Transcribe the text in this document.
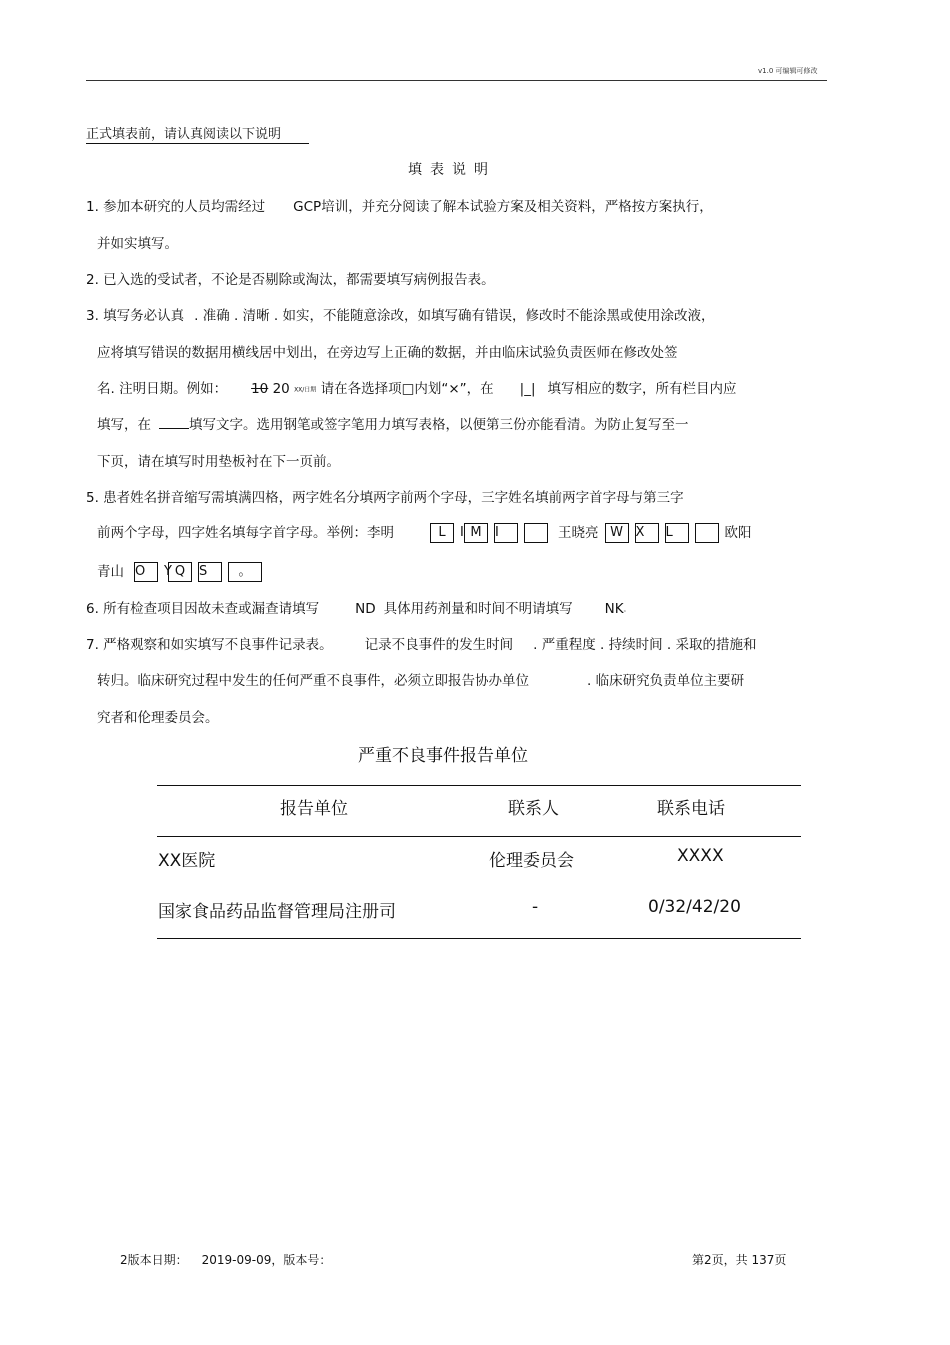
v1.0 可编辑可修改
正式填表前，请认真阅读以下说明
填表说明
1. 参加本研究的人员均需经过 GCP培训，并充分阅读了解本试验方案及相关资料，严格按方案执行，
并如实填写。
2. 已入选的受试者，不论是否剔除或淘汰，都需要填写病例报告表。
3. 填写务必认真 . 准确 . 清晰 . 如实，不能随意涂改，如填写确有错误，修改时不能涂黑或使用涂改液，
应将填写错误的数据用横线居中划出，在旁边写上正确的数据，并由临床试验负责医师在修改处签
名. 注明日期。例如： 10 20 XX/日期 请在各选择项□内划“×”，在 |_| 填写相应的数字，所有栏目内应
填写，在	填写文字。选用钢笔或签字笔用力填写表格，以便第三份亦能看清。为防止复写至一
下页，请在填写时用垫板衬在下一页前。
5. 患者姓名拼音缩写需填满四格，两字姓名分填两字前两个字母，三字姓名填前两字首字母与第三字
前两个字母，四字姓名填每字首字母。举例：李明	L I M I	王晓亮 W X L	欧阳
青山 O Y Q S 。
6. 所有检查项目因故未查或漏查请填写	ND 具体用药剂量和时间不明请填写 NK。
7. 严格观察和如实填写不良事件记录表。 记录不良事件的发生时间 . 严重程度 . 持续时间 . 采取的措施和
转归。临床研究过程中发生的任何严重不良事件，必须立即报告协办单位	. 临床研究负责单位主要研
究者和伦理委员会。
严重不良事件报告单位
报告单位	联系人	联系电话
XX医院	伦理委员会	XXXX
国家食品药品监督管理局注册司	-	0/32/42/20
2版本日期： 2019-09-09，版本号：	第2页，共 137页
